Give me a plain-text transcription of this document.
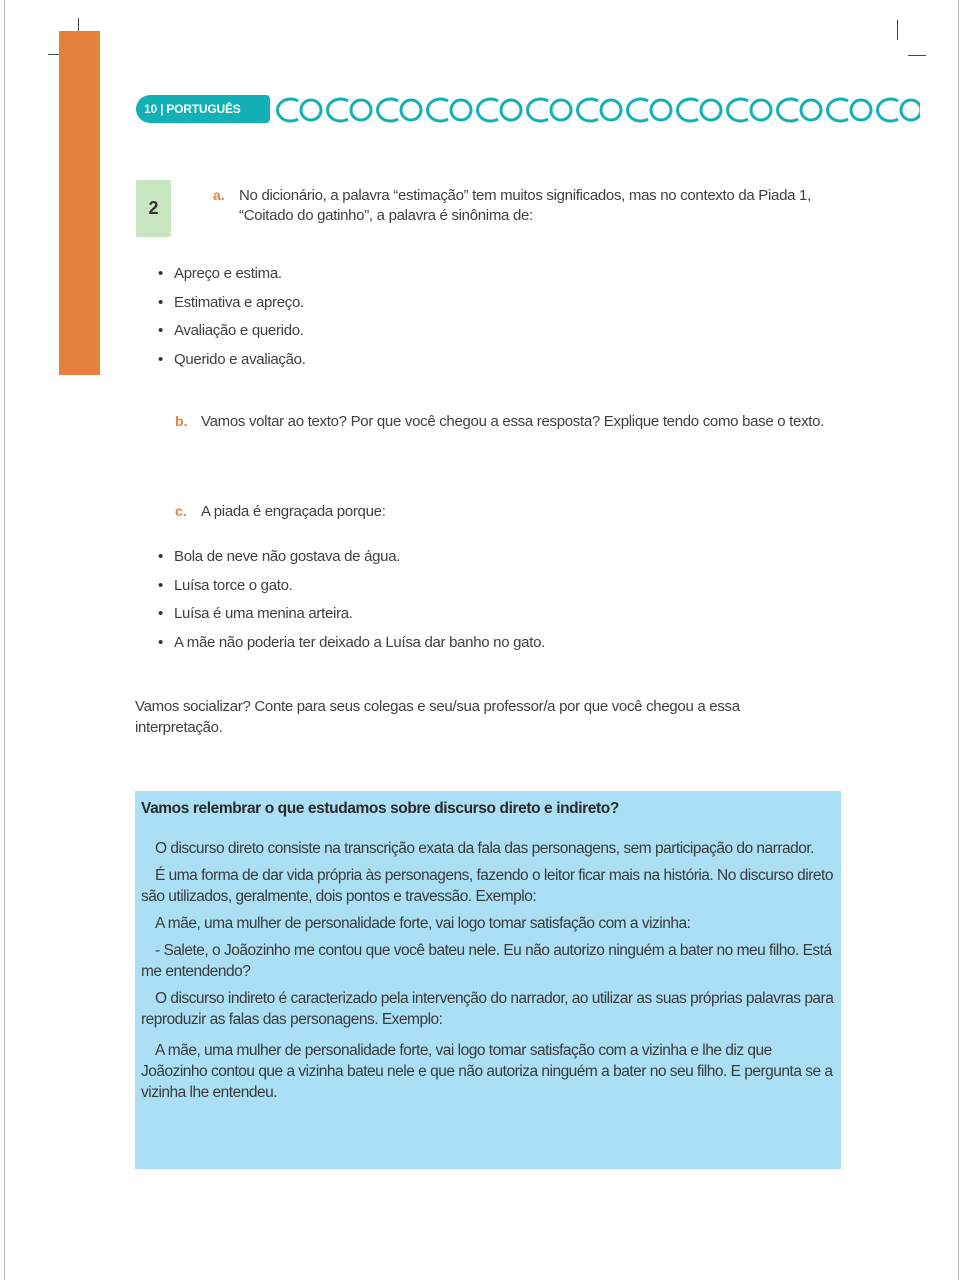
10 | PORTUGUÊS
2
a. No dicionário, a palavra “estimação” tem muitos significados, mas no contexto da Piada 1, “Coitado do gatinho”, a palavra é sinônima de:
• Apreço e estima.
• Estimativa e apreço.
• Avaliação e querido.
• Querido e avaliação.
b. Vamos voltar ao texto? Por que você chegou a essa resposta? Explique tendo como base o texto.
c. A piada é engraçada porque:
• Bola de neve não gostava de água.
• Luísa torce o gato.
• Luísa é uma menina arteira.
• A mãe não poderia ter deixado a Luísa dar banho no gato.
Vamos socializar? Conte para seus colegas e seu/sua professor/a por que você chegou a essa interpretação.
Vamos relembrar o que estudamos sobre discurso direto e indireto?

O discurso direto consiste na transcrição exata da fala das personagens, sem participação do narrador.

É uma forma de dar vida própria às personagens, fazendo o leitor ficar mais na história. No discurso direto são utilizados, geralmente, dois pontos e travessão. Exemplo:

A mãe, uma mulher de personalidade forte, vai logo tomar satisfação com a vizinha:

- Salete, o Joãozinho me contou que você bateu nele. Eu não autorizo ninguém a bater no meu filho. Está me entendendo?

O discurso indireto é caracterizado pela intervenção do narrador, ao utilizar as suas próprias palavras para reproduzir as falas das personagens. Exemplo:

A mãe, uma mulher de personalidade forte, vai logo tomar satisfação com a vizinha e lhe diz que Joãozinho contou que a vizinha bateu nele e que não autoriza ninguém a bater no seu filho. E pergunta se a vizinha lhe entendeu.
